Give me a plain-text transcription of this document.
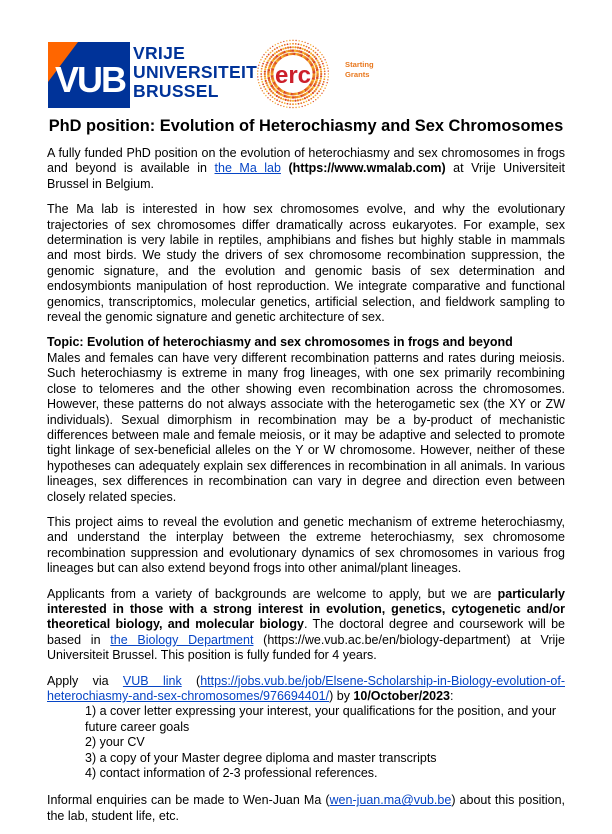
VUB
VRIJE
UNIVERSITEIT
BRUSSEL
erc	Starting
Grants
PhD position: Evolution of Heterochiasmy and Sex Chromosomes

A fully funded PhD position on the evolution of heterochiasmy and sex chromosomes in frogs and beyond is available in the Ma lab (https://www.wmalab.com) at Vrije Universiteit Brussel in Belgium.

The Ma lab is interested in how sex chromosomes evolve, and why the evolutionary trajectories of sex chromosomes differ dramatically across eukaryotes. For example, sex determination is very labile in reptiles, amphibians and fishes but highly stable in mammals and most birds. We study the drivers of sex chromosome recombination suppression, the genomic signature, and the evolution and genomic basis of sex determination and endosymbionts manipulation of host reproduction. We integrate comparative and functional genomics, transcriptomics, molecular genetics, artificial selection, and fieldwork sampling to reveal the genomic signature and genetic architecture of sex.

Topic: Evolution of heterochiasmy and sex chromosomes in frogs and beyond
Males and females can have very different recombination patterns and rates during meiosis. Such heterochiasmy is extreme in many frog lineages, with one sex primarily recombining close to telomeres and the other showing even recombination across the chromosomes. However, these patterns do not always associate with the heterogametic sex (the XY or ZW individuals). Sexual dimorphism in recombination may be a by-product of mechanistic differences between male and female meiosis, or it may be adaptive and selected to promote tight linkage of sex-beneficial alleles on the Y or W chromosome. However, neither of these hypotheses can adequately explain sex differences in recombination in all animals. In various lineages, sex differences in recombination can vary in degree and direction even between closely related species.

This project aims to reveal the evolution and genetic mechanism of extreme heterochiasmy, and understand the interplay between the extreme heterochiasmy, sex chromosome recombination suppression and evolutionary dynamics of sex chromosomes in various frog lineages but can also extend beyond frogs into other animal/plant lineages.

Applicants from a variety of backgrounds are welcome to apply, but we are particularly interested in those with a strong interest in evolution, genetics, cytogenetic and/or theoretical biology, and molecular biology. The doctoral degree and coursework will be based in the Biology Department (https://we.vub.ac.be/en/biology-department) at Vrije Universiteit Brussel. This position is fully funded for 4 years.

Apply via VUB link (https://jobs.vub.be/job/Elsene-Scholarship-in-Biology-evolution-of-heterochiasmy-and-sex-chromosomes/976694401/) by 10/October/2023:

1) a cover letter expressing your interest, your qualifications for the position, and your future career goals
2) your CV
3) a copy of your Master degree diploma and master transcripts
4) contact information of 2-3 professional references.

Informal enquiries can be made to Wen-Juan Ma (wen-juan.ma@vub.be) about this position, the lab, student life, etc.
